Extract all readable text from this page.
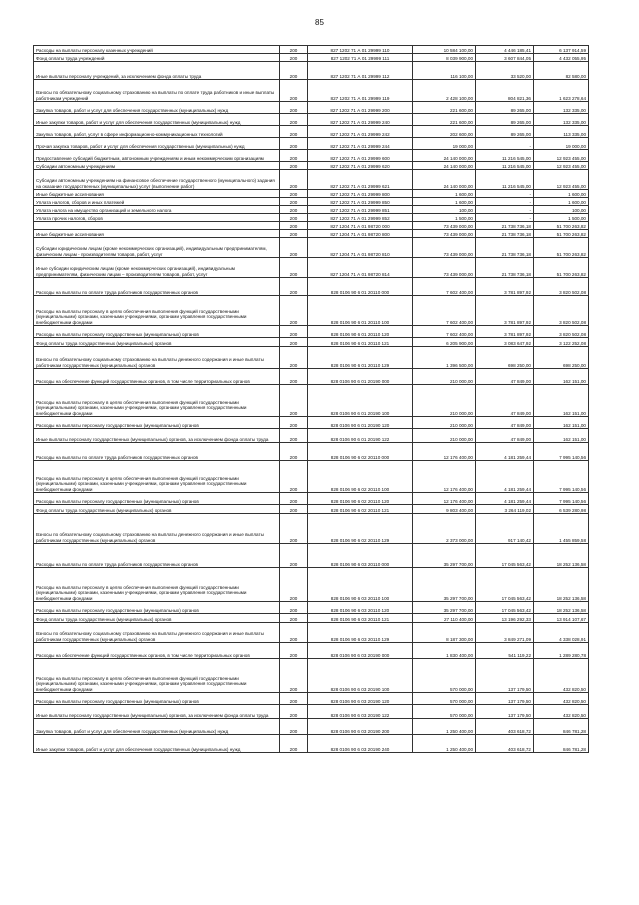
85
Расходы на выплаты персоналу казенных учреждений	200	827 1202 71 А 01 29999 110	10 584 100,00	4 446 185,41	6 137 914,59
Фонд оплаты труда учреждений	200	827 1202 71 А 01 29999 111	8 039 900,00	3 607 844,05	4 432 055,95
Иные выплаты персоналу учреждений, за исключением фонда оплаты труда	200	827 1202 71 А 01 29999 112	116 100,00	33 520,00	82 580,00
Взносы по обязательному социальному страхованию на выплаты по оплате труда работников и иные выплаты работникам учреждений	200	827 1202 71 А 01 29999 119	2 428 100,00	804 821,36	1 623 278,64
Закупка товаров, работ и услуг для обеспечения государственных (муниципальных) нужд	200	827 1202 71 А 01 29999 200	221 600,00	89 265,00	132 335,00
Иные закупки товаров, работ и услуг для обеспечения государственных (муниципальных) нужд	200	827 1202 71 А 01 29999 240	221 600,00	89 265,00	132 335,00
Закупка товаров, работ, услуг в сфере информационно-коммуникационных технологий	200	827 1202 71 А 01 29999 242	202 600,00	89 265,00	113 335,00
Прочая закупка товаров, работ и услуг для обеспечения государственных (муниципальных) нужд	200	827 1202 71 А 01 29999 244	19 000,00	-	19 000,00
Предоставление субсидий бюджетным, автономным учреждениям и иным некоммерческим организациям	200	827 1202 71 А 01 29999 600	24 140 000,00	11 216 545,00	12 923 455,00
Субсидии автономным учреждениям	200	827 1202 71 А 01 29999 620	24 140 000,00	11 216 545,00	12 923 455,00
Субсидии автономным учреждениям на финансовое обеспечение государственного (муниципального) задания на оказание государственных (муниципальных) услуг (выполнение работ)	200	827 1202 71 А 01 29999 621	24 140 000,00	11 216 545,00	12 923 455,00
Иные бюджетные ассигнования	200	827 1202 71 А 01 29999 800	1 600,00	-	1 600,00
Уплата налогов, сборов и иных платежей	200	827 1202 71 А 01 29999 850	1 600,00	-	1 600,00
Уплата налога на имущество организаций и земельного налога	200	827 1202 71 А 01 29999 851	100,00	-	100,00
Уплата прочих налогов, сборов	200	827 1202 71 А 01 29999 852	1 500,00	-	1 500,00
	200	827 1204 71 А 01 98720 000	73 439 000,00	21 738 736,18	51 700 263,82
Иные бюджетные ассигнования	200	827 1204 71 А 01 98720 800	73 439 000,00	21 738 736,18	51 700 263,82
Субсидии юридическим лицам (кроме некоммерческих организаций), индивидуальным предпринимателям, физическим лицам - производителям товаров, работ, услуг	200	827 1204 71 А 01 98720 810	73 439 000,00	21 738 736,18	51 700 263,82
Иные субсидии юридическим лицам (кроме некоммерческих организаций), индивидуальным предпринимателям, физическим лицам – производителям товаров, работ, услуг	200	827 1204 71 А 01 98720 814	73 439 000,00	21 738 736,18	51 700 263,82
Расходы на выплаты по оплате труда работников государственных органов	200	828 0106 90 6 01 20110 000	7 602 400,00	3 781 897,92	3 820 502,08
Расходы на выплаты персоналу в целях обеспечения выполнения функций государственными (муниципальными) органами, казенными учреждениями, органами управления государственными внебюджетными фондами	200	828 0106 90 6 01 20110 100	7 602 400,00	3 781 897,92	3 820 502,08
Расходы на выплаты персоналу государственных (муниципальных) органов	200	828 0106 90 6 01 20110 120	7 602 400,00	3 781 897,92	3 820 502,08
Фонд оплаты труда государственных (муниципальных) органов	200	828 0106 90 6 01 20110 121	6 205 900,00	3 083 647,92	3 122 252,08
Взносы по обязательному социальному страхованию на выплаты денежного содержания и иные выплаты работникам государственных (муниципальных) органов	200	828 0106 90 6 01 20110 129	1 396 500,00	698 250,00	698 250,00
Расходы на обеспечение функций государственных органов, в том числе территориальных органов	200	828 0106 90 6 01 20190 000	210 000,00	47 849,00	162 151,00
Расходы на выплаты персоналу в целях обеспечения выполнения функций государственными (муниципальными) органами, казенными учреждениями, органами управления государственными внебюджетными фондами	200	828 0106 90 6 01 20190 100	210 000,00	47 849,00	162 151,00
Расходы на выплаты персоналу государственных (муниципальных) органов	200	828 0106 90 6 01 20190 120	210 000,00	47 849,00	162 151,00
Иные выплаты персоналу государственных (муниципальных) органов, за исключением фонда оплаты труда	200	828 0106 90 6 01 20190 122	210 000,00	47 849,00	162 151,00
Расходы на выплаты по оплате труда работников государственных органов	200	828 0106 90 6 02 20110 000	12 176 400,00	4 181 259,44	7 995 140,56
Расходы на выплаты персоналу в целях обеспечения выполнения функций государственными (муниципальными) органами, казенными учреждениями, органами управления государственными внебюджетными фондами	200	828 0106 90 6 02 20110 100	12 176 400,00	4 181 259,44	7 995 140,56
Расходы на выплаты персоналу государственных (муниципальных) органов	200	828 0106 90 6 02 20110 120	12 176 400,00	4 181 259,44	7 995 140,56
Фонд оплаты труда государственных (муниципальных) органов	200	828 0106 90 6 02 20110 121	9 803 400,00	3 264 119,02	6 539 280,98
Взносы по обязательному социальному страхованию на выплаты денежного содержания и иные выплаты работникам государственных (муниципальных) органов	200	828 0106 90 6 02 20110 129	2 373 000,00	917 140,42	1 455 859,58
Расходы на выплаты по оплате труда работников государственных органов	200	828 0106 90 6 03 20110 000	35 297 700,00	17 045 563,42	18 252 136,58
Расходы на выплаты персоналу в целях обеспечения выполнения функций государственными (муниципальными) органами, казенными учреждениями, органами управления государственными внебюджетными фондами	200	828 0106 90 6 03 20110 100	35 297 700,00	17 045 563,42	18 252 136,58
Расходы на выплаты персоналу государственных (муниципальных) органов	200	828 0106 90 6 03 20110 120	35 297 700,00	17 045 563,42	18 252 136,58
Фонд оплаты труда государственных (муниципальных) органов	200	828 0106 90 6 03 20110 121	27 110 400,00	13 196 292,33	13 914 107,67
Взносы по обязательному социальному страхованию на выплаты денежного содержания и иные выплаты работникам государственных (муниципальных) органов	200	828 0106 90 6 03 20110 129	8 187 300,00	3 849 271,09	4 338 028,91
Расходы на обеспечение функций государственных органов, в том числе территориальных органов	200	828 0106 90 6 03 20190 000	1 830 400,00	541 119,22	1 289 280,78
Расходы на выплаты персоналу в целях обеспечения выполнения функций государственными (муниципальными) органами, казенными учреждениями, органами управления государственными внебюджетными фондами	200	828 0106 90 6 03 20190 100	570 000,00	137 179,50	432 820,50
Расходы на выплаты персоналу государственных (муниципальных) органов	200	828 0106 90 6 03 20190 120	570 000,00	137 179,50	432 820,50
Иные выплаты персоналу государственных (муниципальных) органов, за исключением фонда оплаты труда	200	828 0106 90 6 03 20190 122	570 000,00	137 179,50	432 820,50
Закупка товаров, работ и услуг для обеспечения государственных (муниципальных) нужд	200	828 0106 90 6 03 20190 200	1 250 400,00	403 618,72	846 781,28
Иные закупки товаров, работ и услуг для обеспечения государственных (муниципальных) нужд	200	828 0106 90 6 03 20190 240	1 250 400,00	403 618,72	846 781,28
